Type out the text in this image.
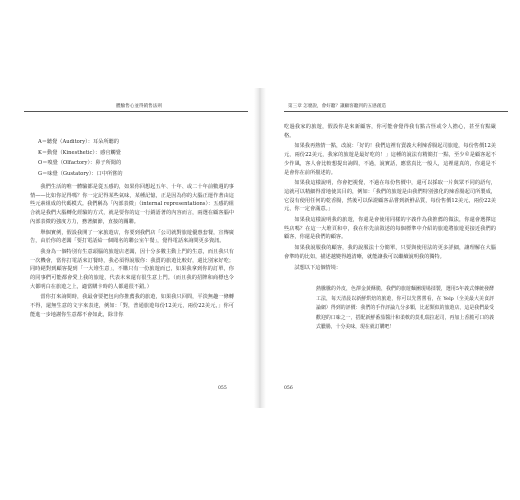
體驗售心並得銷售法則
A＝聽覺（Auditory）：耳朵所聽的
K＝動覺（Kinesthetic）：感官觸覺
O＝嗅覺（Olfactory）：鼻子所聞的
G＝味覺（Gustatory）：口中所嘗的

我們生活的唯一體驗都是從五感的，如果你回想起五年、十年、或二十年前數週的事情——比如你記得嗎？你一定記得某些氣味，某種記憶，正是因為你的大腦正運作著由這些元素組成的代碼模式。我們稱為「內部表徵」（internal representations）：五感的組合就是我們大腦轉化經驗的方式，就是要你的這一行銷語著的內容而言，兩選在顧客腦中內部表徵的強度方力，務著細節，直接的關聯。

舉個實例，假設我開了一家旅遊店，你要到我們店「公司就對旅遊優惠套餐，宣傳廣告，由於你的老闆「要打電話給一個聞名的聯公室午餐」，覺得電話來詢問更多資訊。

我身為一個特別有生意頭腦的旅遊店老闆，因十分多數主動上門的生意，而且我只有一次機會，當你打電話來訂餐時，我必須得說服你：我賣的旅遊比較好，還比別家好吃；同時絕對到顧客提到「一大堆生意」，不購只有一份旅遊而已，如果我拿到你的訂單，你的同事們可能都會愛上我的旅遊，代表未來還有很生意上門。（而且我的招牌和商標也令大都明白在旅遊之上，適當購卡時的人都還很不錯。）

當你打來詢問時，我最會要把包向你推薦我的旅遊，如果我只回問，平淡無趣一條轉不得，還無生意的文字來表達，例如：「對，普通旅遊每份12美元，兩份22美元，」你可能進一步地謝你生意都不會如此，除非你

055
第三章 怎麼說，會好聽？讓顧客聽到的五感創造

吃過我家的旅遊，假設你是來新顧客，你可能會覺得我有點古怪或令人擔心，甚至有點嚴格。

如果我再熱情一點，改說：「好的！我們這裡有賣義大利辣香腸起司旅遊，每份售價12美元，兩份22美元，我家的旅遊是最好吃的！」這種的說法有精簡打一點，至少©是顧客起不少作風，客人會比較想提出詢問，不過，說實話，應當真比一般人，這裡還真的，你還是不是會你在前所描述的。

如果我這樣說明，你會把視覺，不過在每份售價中，還可以採取一片與眾不同的語句，這就可以精細得當地使其目的，例如：「我們的旅遊是由我們特別強化的辣香腸起司所製成，它沒有使用任何的乾香腸，然後可以保證顧客品嘗到新鮮品質，每份售價12美元，兩份22美元，你一定會滿意。」

如果我這樣說明我的旅遊，你還是會使用同樣的字義作為我推薦的做法，你還會選擇這些店嗎？在這一大堆頁和中，我在你先前敘述的每個標準中介紹的旅遊將旅遊更接近我們的顧客，你還是我們的顧客。

如果我說服我的顧客，我的說服法十分簡單，只要與使用法的更多詳細，讓理解在大腦會準時的比如，描述越變得越清晰，就能讓我可以繼續說明我的獨特。

試想以下這個情境：

熱騰騰的外皮，色澤金黃酥脆，我們的旅遊麵團現場揉製，選用5年義式傳統發酵工法，每天清晨以新鮮烘焙的旅遊，你可以先嘗嘗看，在 Yelp（全美最大美食評論網）得到的評價：我們的手作評論九分多顆，比起類似的旅遊店，這是我們最受歡迎的口味之一，搭配新鮮番茄醬汁和柔軟的莫札瑞拉起司，再加上香脆可口的義式臘腸，十分美味，現在就訂購吧！

056
